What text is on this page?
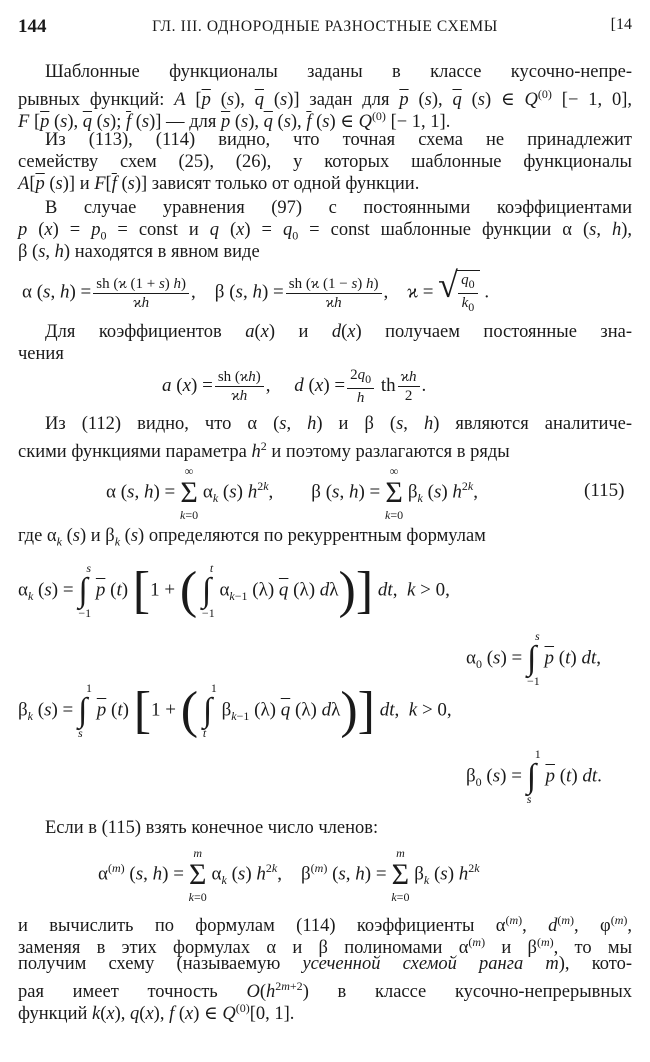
144	ГЛ. III. ОДНОРОДНЫЕ РАЗНОСТНЫЕ СХЕМЫ	[14
Шаблонные функционалы заданы в классе кусочно-непре-
рывных функций: A [$\overline{p}$ (s), $\overline{q}$ (s)] задан для $\overline{p}$ (s), $\overline{q}$ (s) ∈ $Q^{(0)}$ [− 1, 0],
F [$\overline{p}$ (s), $\overline{q}$ (s); $\overline{f}$ (s)] — для $\overline{p}$ (s), $\overline{q}$ (s), $\overline{f}$ (s) ∈ $Q^{(0)}$ [− 1, 1].
Из (113), (114) видно, что точная схема не принадлежит
семейству схем (25), (26), у которых шаблонные функционалы
$A[\overline{p}$ (s)] и $F[\overline{f}$ (s)] зависят только от одной функции.
В случае уравнения (97) с постоянными коэффициентами
p $(x) = p_0$ = const и q $(x) = q_0$ = const шаблонные функции α (s, h),
β (s, h) находятся в явном виде
α (s, $h) = \frac{sh (ϰ (1 + s) h)}{ϰh}$ ,    β (s, $h) = \frac{sh (ϰ (1 - s) h)}{ϰh}$ ,    ϰ = √ $\frac{q_0}{k_0}$ .
Для коэффициентов a(x) и d(x) получаем постоянные зна-
чения
a $(x) = \frac{sh (ϰh)}{ϰh}$ ,     d $(x) = \frac{2q_0}{h}$ th $\frac{ϰh}{2}$ .
Из (112) видно, что α (s, h) и β (s, h) являются аналитиче-
скими функциями параметра $h^2$ и поэтому разлагаются в ряды
α (s, h) =
∞
Σ
k=0
$\alpha_k$ (s) $h^{2k}$,        β (s, h) =
∞
Σ
k=0
$\beta_k$ (s) $h^{2k}$,	(115)
где $\alpha_k$ (s) и $\beta_k$ (s) определяются по рекуррентным формулам
$\alpha_k$ (s) =
s
∫
−1
$\overline{p}$ (t) [1 + (	t
∫
−1
$\alpha_{k-1}$ (λ) $\overline{q}$ (λ) dλ)] dt,  k > 0,
$\alpha_0$ (s) =
s
∫
−1
$\overline{p}$ (t) dt,
$\beta_k$ (s) =
1
∫
s
$\overline{p}$ (t) [1 + (	1
∫
t
$\beta_{k-1}$ (λ) $\overline{q}$ (λ) dλ)] dt,  k > 0,
$\beta_0$ (s) =
1
∫
s
$\overline{p}$ (t) dt.
Если в (115) взять конечное число членов:
$\alpha^{(m)}$ (s, h) =
m
Σ
k=0
$\alpha_k$ (s) $h^{2k}$,    $\beta^{(m)}$ (s, h) =
m
Σ
k=0
$\beta_k$ (s) $h^{2k}$
и вычислить по формулам (114) коэффициенты $\alpha^{(m)}$, $d^{(m)}$, $\varphi^{(m)}$,
заменяя в этих формулах α и β полиномами $\alpha^{(m)}$ и $\beta^{(m)}$, то мы
получим схему (называемую усеченной схемой ранга m), кото-
рая имеет точность $O(h^{2m+2})$ в классе кусочно-непрерывных
функций k(x), q(x), f (x) ∈ $Q^{(0)}[0$, 1].
